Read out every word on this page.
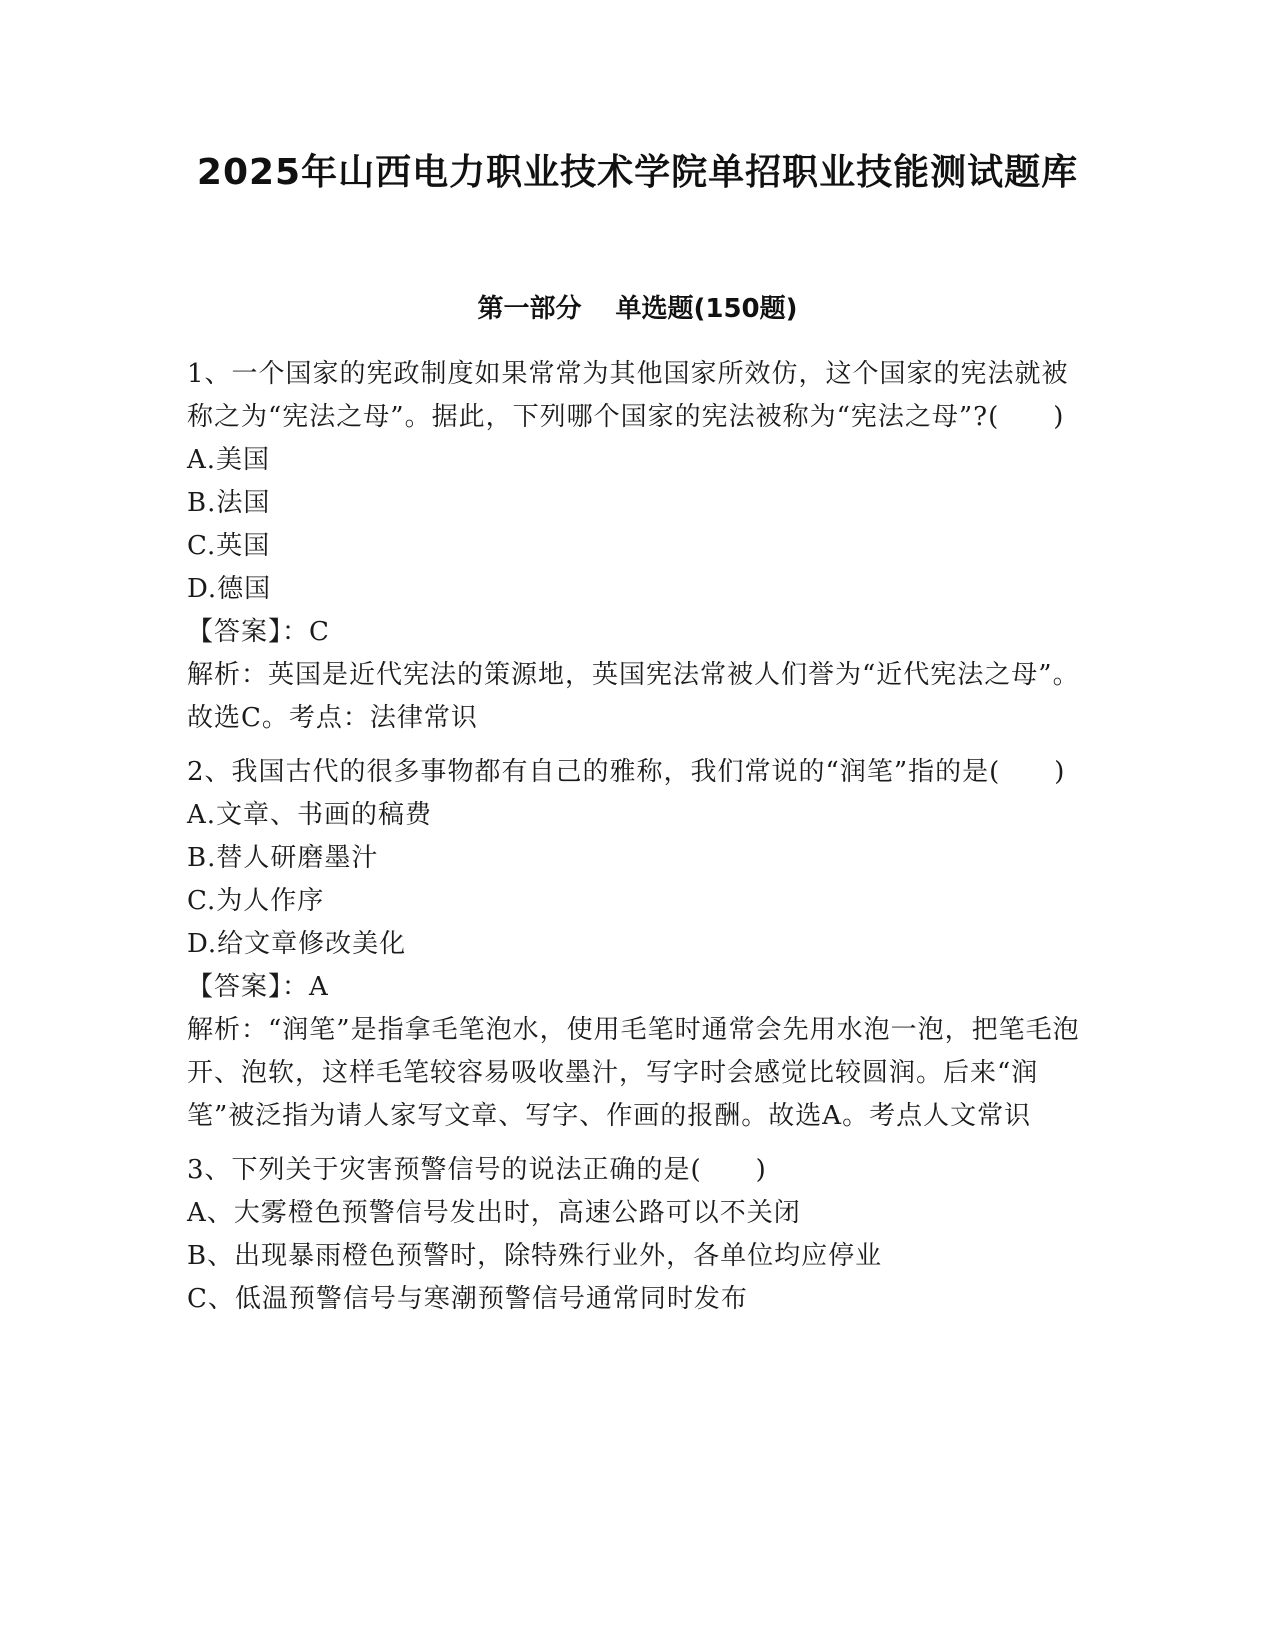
2025年山西电力职业技术学院单招职业技能测试题库
第一部分 单选题(150题)
1、一个国家的宪政制度如果常常为其他国家所效仿，这个国家的宪法就被称之为“宪法之母”。据此，下列哪个国家的宪法被称为“宪法之母”?(　　)
A.美国
B.法国
C.英国
D.德国
【答案】：C
解析：英国是近代宪法的策源地，英国宪法常被人们誉为“近代宪法之母”。故选C。考点：法律常识
2、我国古代的很多事物都有自己的雅称，我们常说的“润笔”指的是(　　)
A.文章、书画的稿费
B.替人研磨墨汁
C.为人作序
D.给文章修改美化
【答案】：A
解析：“润笔”是指拿毛笔泡水，使用毛笔时通常会先用水泡一泡，把笔毛泡开、泡软，这样毛笔较容易吸收墨汁，写字时会感觉比较圆润。后来“润笔”被泛指为请人家写文章、写字、作画的报酬。故选A。考点人文常识
3、下列关于灾害预警信号的说法正确的是(　　)
A、大雾橙色预警信号发出时，高速公路可以不关闭
B、出现暴雨橙色预警时，除特殊行业外，各单位均应停业
C、低温预警信号与寒潮预警信号通常同时发布
